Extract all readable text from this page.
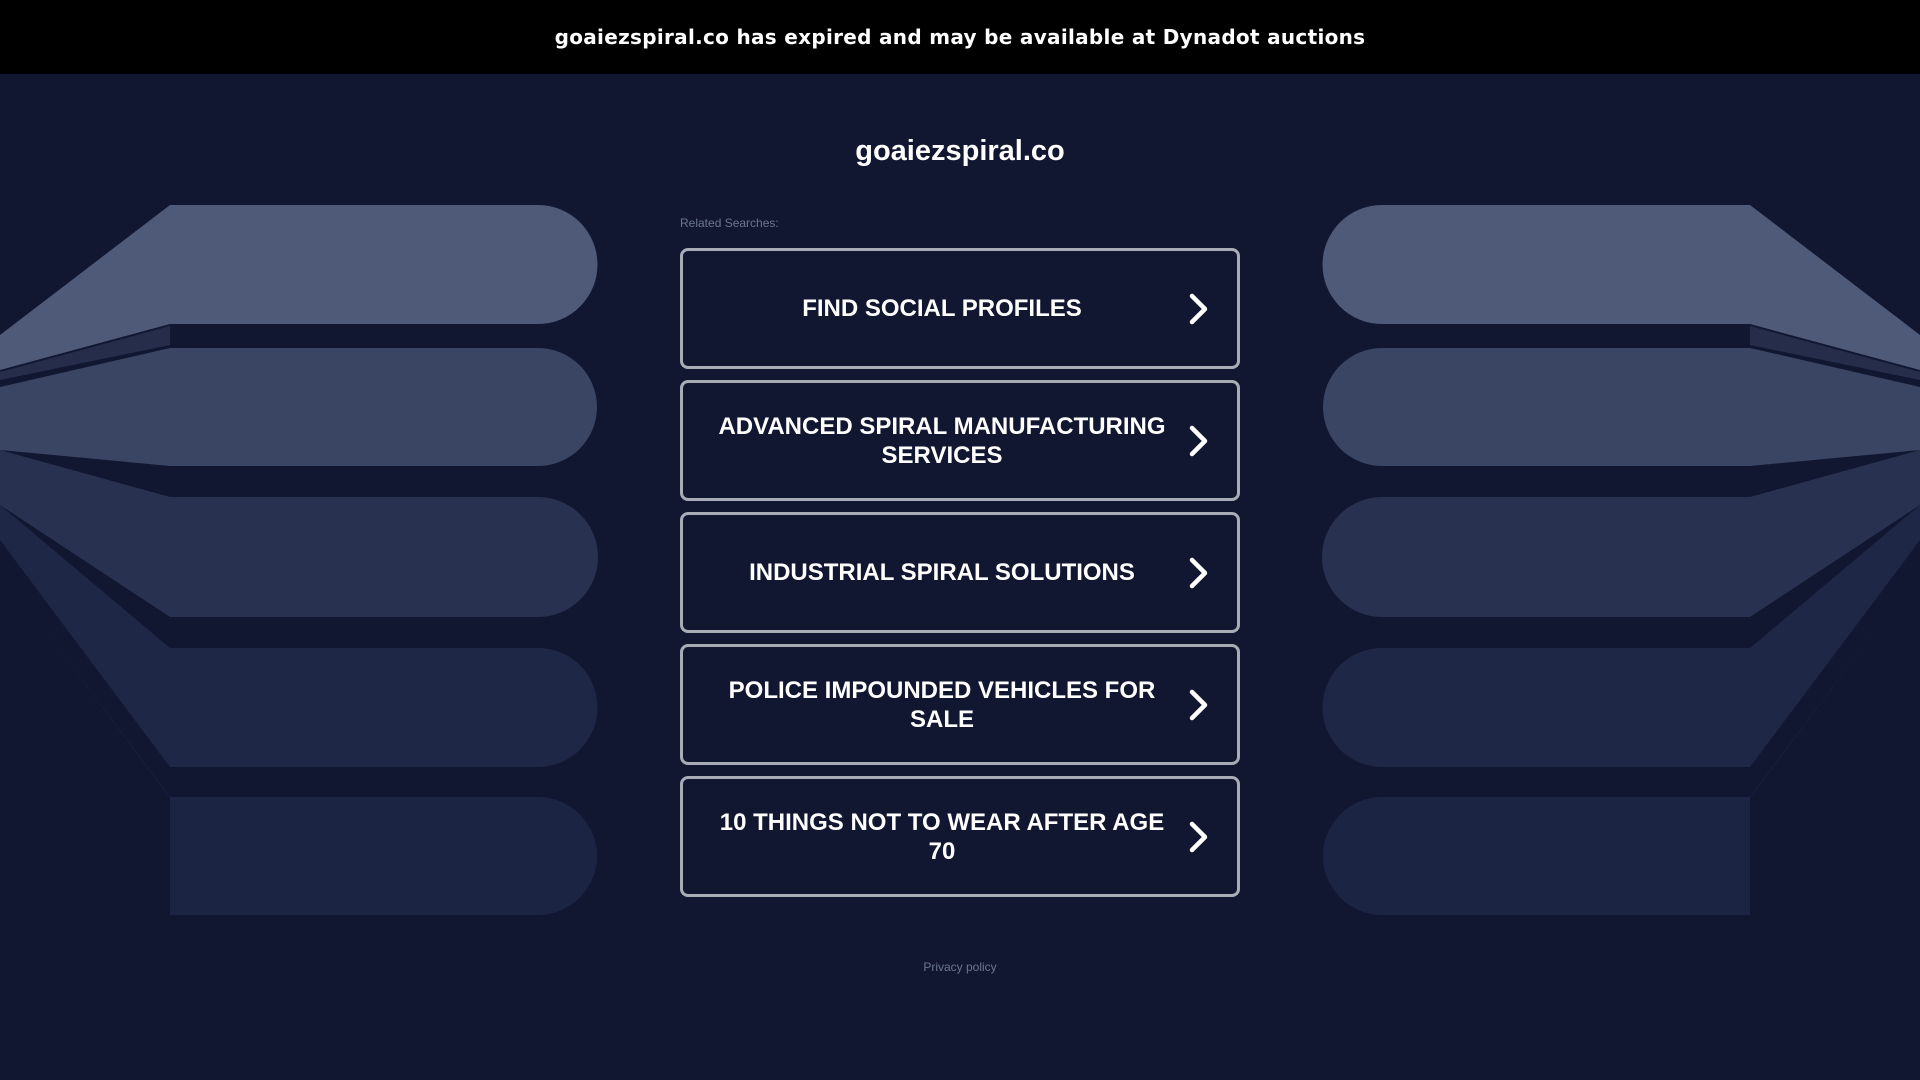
goaiezspiral.co has expired and may be available at Dynadot auctions
goaiezspiral.co
Related Searches:
FIND SOCIAL PROFILES
ADVANCED SPIRAL MANUFACTURING SERVICES
INDUSTRIAL SPIRAL SOLUTIONS
POLICE IMPOUNDED VEHICLES FOR SALE
10 THINGS NOT TO WEAR AFTER AGE 70
Privacy policy
